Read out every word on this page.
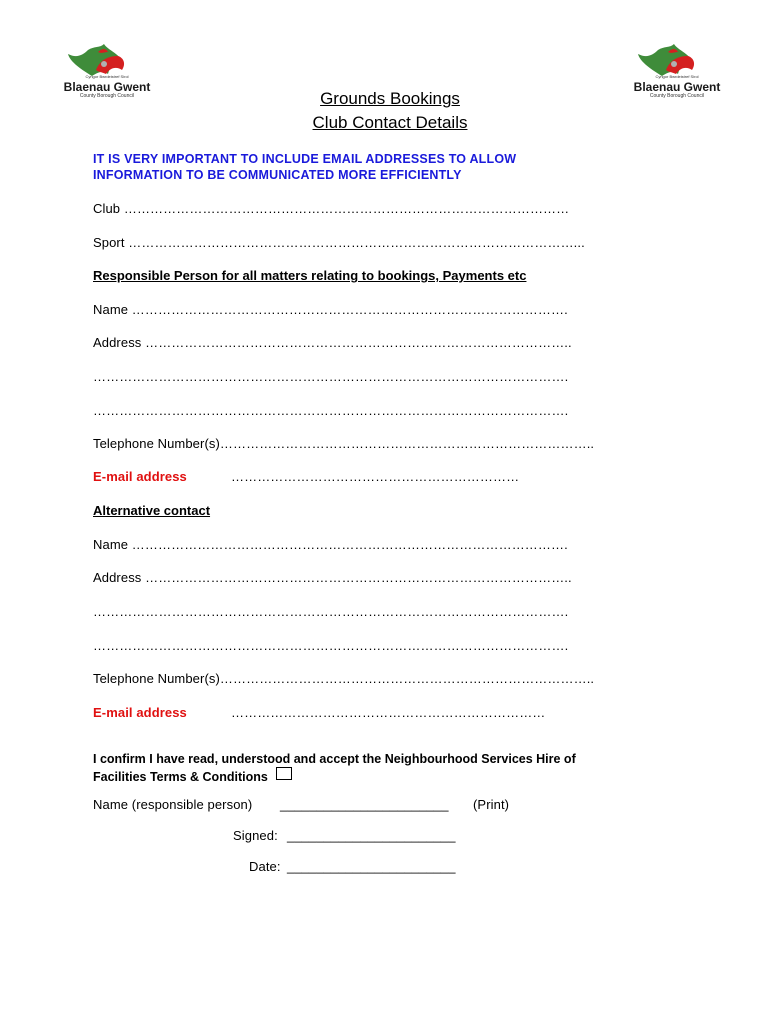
Cyngor Bwrdeistref Sirol
Blaenau Gwent
County Borough Council
Cyngor Bwrdeistref Sirol
Blaenau Gwent
County Borough Council
Grounds Bookings
Club Contact Details
IT IS VERY IMPORTANT TO INCLUDE EMAIL ADDRESSES TO ALLOW
INFORMATION TO BE COMMUNICATED MORE EFFICIENTLY
Club …………………………………………………………………………………………
Sport …………………………………………………………………………………………...
Responsible Person for all matters relating to bookings, Payments etc
Name ……………………………………………………………………………………….
Address ……………………………………………………………………………………..
……………………………………………………………………………………………….
……………………………………………………………………………………………….
Telephone Number(s)…………………………………………………………………………..
E-mail address	…………………………………………………………
Alternative contact
Name ……………………………………………………………………………………….
Address ……………………………………………………………………………………..
……………………………………………………………………………………………….
……………………………………………………………………………………………….
Telephone Number(s)…………………………………………………………………………..
E-mail address	………………………………………………………………
I confirm I have read, understood and accept the Neighbourhood Services Hire of
Facilities Terms & Conditions
Name (responsible person) _______________________ (Print)
Signed: _______________________
Date: _______________________
